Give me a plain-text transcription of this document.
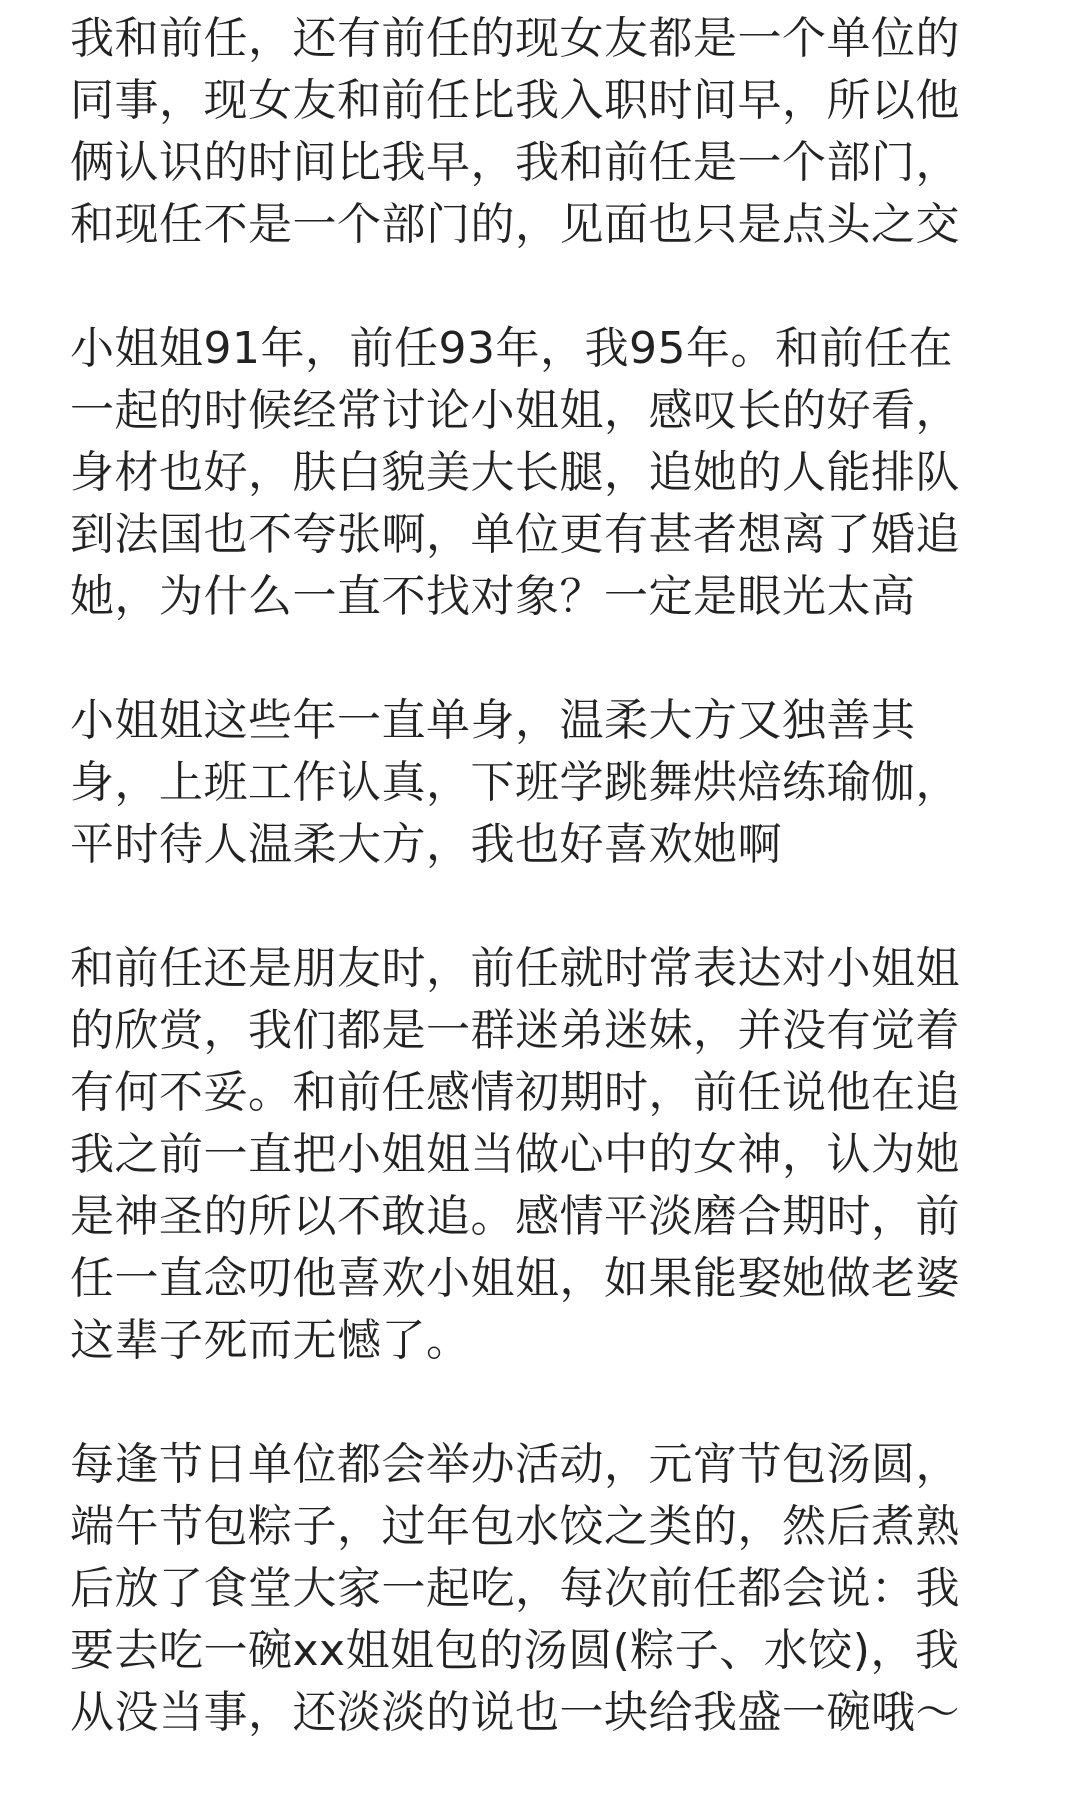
我和前任，还有前任的现女友都是一个单位的
同事，现女友和前任比我入职时间早，所以他
俩认识的时间比我早，我和前任是一个部门，
和现任不是一个部门的，见面也只是点头之交
小姐姐91年，前任93年，我95年。和前任在
一起的时候经常讨论小姐姐，感叹长的好看，
身材也好，肤白貌美大长腿，追她的人能排队
到法国也不夸张啊，单位更有甚者想离了婚追
她，为什么一直不找对象？一定是眼光太高
小姐姐这些年一直单身，温柔大方又独善其
身，上班工作认真，下班学跳舞烘焙练瑜伽，
平时待人温柔大方，我也好喜欢她啊
和前任还是朋友时，前任就时常表达对小姐姐
的欣赏，我们都是一群迷弟迷妹，并没有觉着
有何不妥。和前任感情初期时，前任说他在追
我之前一直把小姐姐当做心中的女神，认为她
是神圣的所以不敢追。感情平淡磨合期时，前
任一直念叨他喜欢小姐姐，如果能娶她做老婆
这辈子死而无憾了。
每逢节日单位都会举办活动，元宵节包汤圆，
端午节包粽子，过年包水饺之类的，然后煮熟
后放了食堂大家一起吃，每次前任都会说：我
要去吃一碗xx姐姐包的汤圆(粽子、水饺)，我
从没当事，还淡淡的说也一块给我盛一碗哦～
